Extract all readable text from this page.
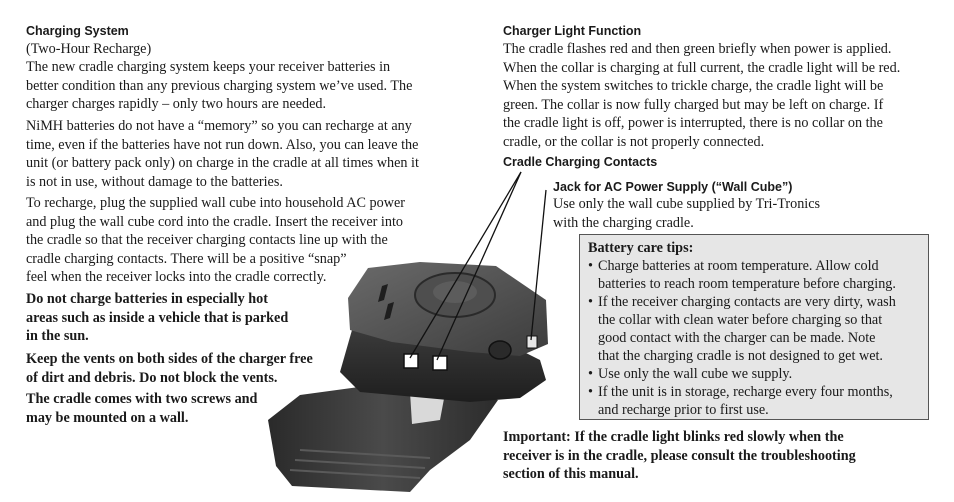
Charging System

(Two-Hour Recharge)

The new cradle charging system keeps your receiver batteries in
better condition than any previous charging system we’ve used. The
charger charges rapidly – only two hours are needed.

NiMH batteries do not have a “memory” so you can recharge at any
time, even if the batteries have not run down. Also, you can leave the
unit (or battery pack only) on charge in the cradle at all times when it
is not in use, without damage to the batteries.

To recharge, plug the supplied wall cube into household AC power
and plug the wall cube cord into the cradle. Insert the receiver into
the cradle so that the receiver charging contacts line up with the
cradle charging contacts. There will be a positive “snap”
feel when the receiver locks into the cradle correctly.

Do not charge batteries in especially hot
areas such as inside a vehicle that is parked
in the sun.

Keep the vents on both sides of the charger free
of dirt and debris. Do not block the vents.

The cradle comes with two screws and
may be mounted on a wall.

Charger Light Function

The cradle flashes red and then green briefly when power is applied.
When the collar is charging at full current, the cradle light will be red.
When the system switches to trickle charge, the cradle light will be
green. The collar is now fully charged but may be left on charge. If
the cradle light is off, power is interrupted, there is no collar on the
cradle, or the collar is not properly connected.

Cradle Charging Contacts
Jack for AC Power Supply (“Wall Cube”)

Use only the wall cube supplied by Tri-Tronics
with the charging cradle.

Battery care tips:
• Charge batteries at room temperature. Allow cold
batteries to reach room temperature before charging.
• If the receiver charging contacts are very dirty, wash
the collar with clean water before charging so that
good contact with the charger can be made. Note
that the charging cradle is not designed to get wet.
• Use only the wall cube we supply.
• If the unit is in storage, recharge every four months,
and recharge prior to first use.

Important: If the cradle light blinks red slowly when the
receiver is in the cradle, please consult the troubleshooting
section of this manual.
